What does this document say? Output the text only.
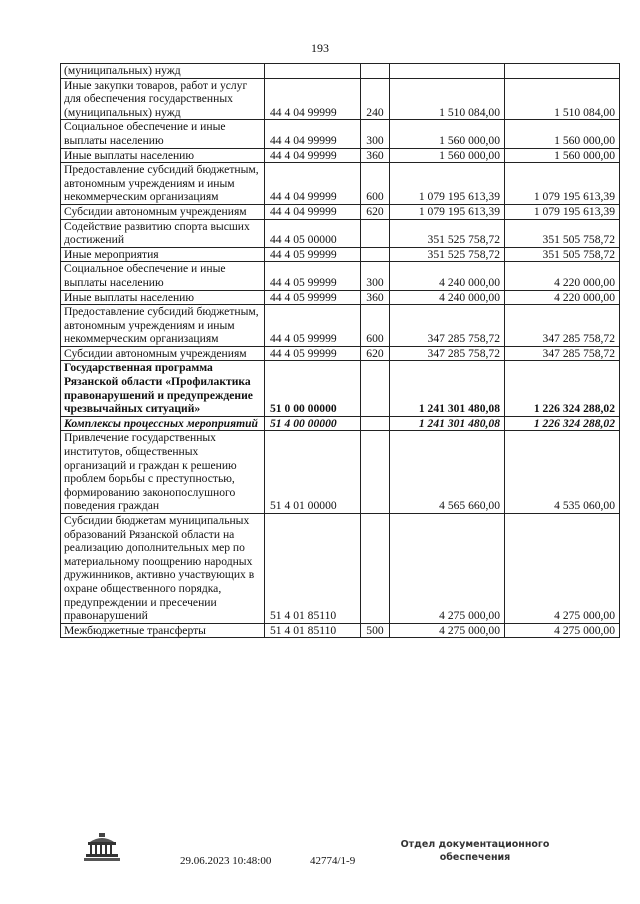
193
(муниципальных) нужд				
Иные закупки товаров, работ и услуг для обеспечения государственных (муниципальных) нужд	44 4 04 99999	240	1 510 084,00	1 510 084,00
Социальное обеспечение и иные выплаты населению	44 4 04 99999	300	1 560 000,00	1 560 000,00
Иные выплаты населению	44 4 04 99999	360	1 560 000,00	1 560 000,00
Предоставление субсидий бюджетным, автономным учреждениям и иным некоммерческим организациям	44 4 04 99999	600	1 079 195 613,39	1 079 195 613,39
Субсидии автономным учреждениям	44 4 04 99999	620	1 079 195 613,39	1 079 195 613,39
Содействие развитию спорта высших достижений	44 4 05 00000		351 525 758,72	351 505 758,72
Иные мероприятия	44 4 05 99999		351 525 758,72	351 505 758,72
Социальное обеспечение и иные выплаты населению	44 4 05 99999	300	4 240 000,00	4 220 000,00
Иные выплаты населению	44 4 05 99999	360	4 240 000,00	4 220 000,00
Предоставление субсидий бюджетным, автономным учреждениям и иным некоммерческим организациям	44 4 05 99999	600	347 285 758,72	347 285 758,72
Субсидии автономным учреждениям	44 4 05 99999	620	347 285 758,72	347 285 758,72
Государственная программа Рязанской области «Профилактика правонарушений и предупреждение чрезвычайных ситуаций»	51 0 00 00000		1 241 301 480,08	1 226 324 288,02
Комплексы процессных мероприятий	51 4 00 00000		1 241 301 480,08	1 226 324 288,02
Привлечение государственных институтов, общественных организаций и граждан к решению проблем борьбы с преступностью, формированию законопослушного поведения граждан	51 4 01 00000		4 565 660,00	4 535 060,00
Субсидии бюджетам муниципальных образований Рязанской области на реализацию дополнительных мер по материальному поощрению народных дружинников, активно участвующих в охране общественного порядка, предупреждении и пресечении правонарушений	51 4 01 85110		4 275 000,00	4 275 000,00
Межбюджетные трансферты	51 4 01 85110	500	4 275 000,00	4 275 000,00
29.06.2023 10:48:00	42774/1-9
Отдел документационного
обеспечения
